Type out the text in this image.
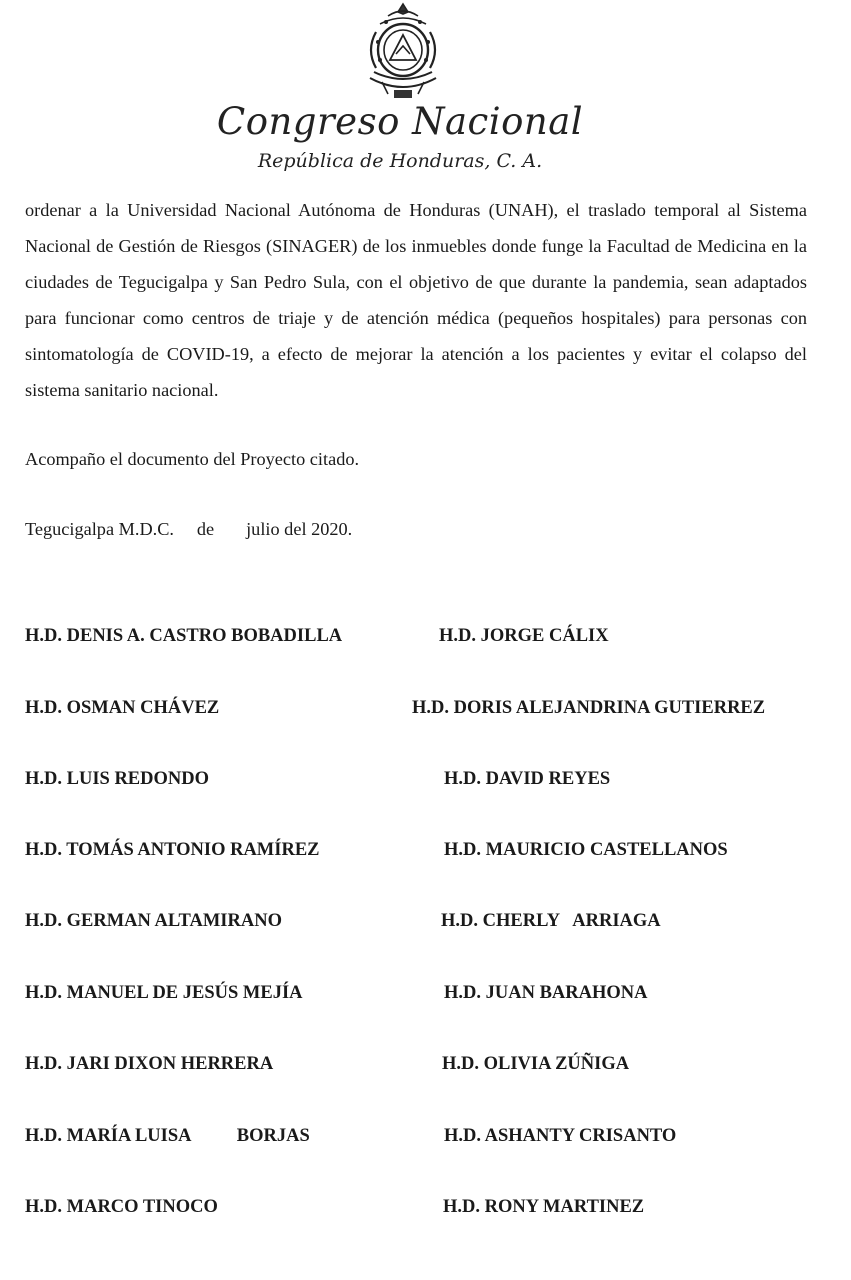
Congreso Nacional
República de Honduras, C. A.

ordenar a la Universidad Nacional Autónoma de Honduras (UNAH), el traslado temporal al Sistema Nacional de Gestión de Riesgos (SINAGER) de los inmuebles donde funge la Facultad de Medicina en la ciudades de Tegucigalpa y San Pedro Sula, con el objetivo de que durante la pandemia, sean adaptados para funcionar como centros de triaje y de atención médica (pequeños hospitales) para personas con sintomatología de COVID-19, a efecto de mejorar la atención a los pacientes y evitar el colapso del sistema sanitario nacional.

Acompaño el documento del Proyecto citado.

Tegucigalpa M.D.C.     de       julio del 2020.

H.D. DENIS A. CASTRO BOBADILLA

H.D. OSMAN CHÁVEZ

H.D. LUIS REDONDO

H.D. TOMÁS ANTONIO RAMÍREZ

H.D. GERMAN ALTAMIRANO

H.D. MANUEL DE JESÚS MEJÍA

H.D. JARI DIXON HERRERA

H.D. MARÍA LUISA          BORJAS

H.D. MARCO TINOCO

H.D. JORGE CÁLIX

H.D. DORIS ALEJANDRINA GUTIERREZ

H.D. DAVID REYES

H.D. MAURICIO CASTELLANOS

H.D. CHERLY   ARRIAGA

H.D. JUAN BARAHONA

H.D. OLIVIA ZÚÑIGA

H.D. ASHANTY CRISANTO

H.D. RONY MARTINEZ
